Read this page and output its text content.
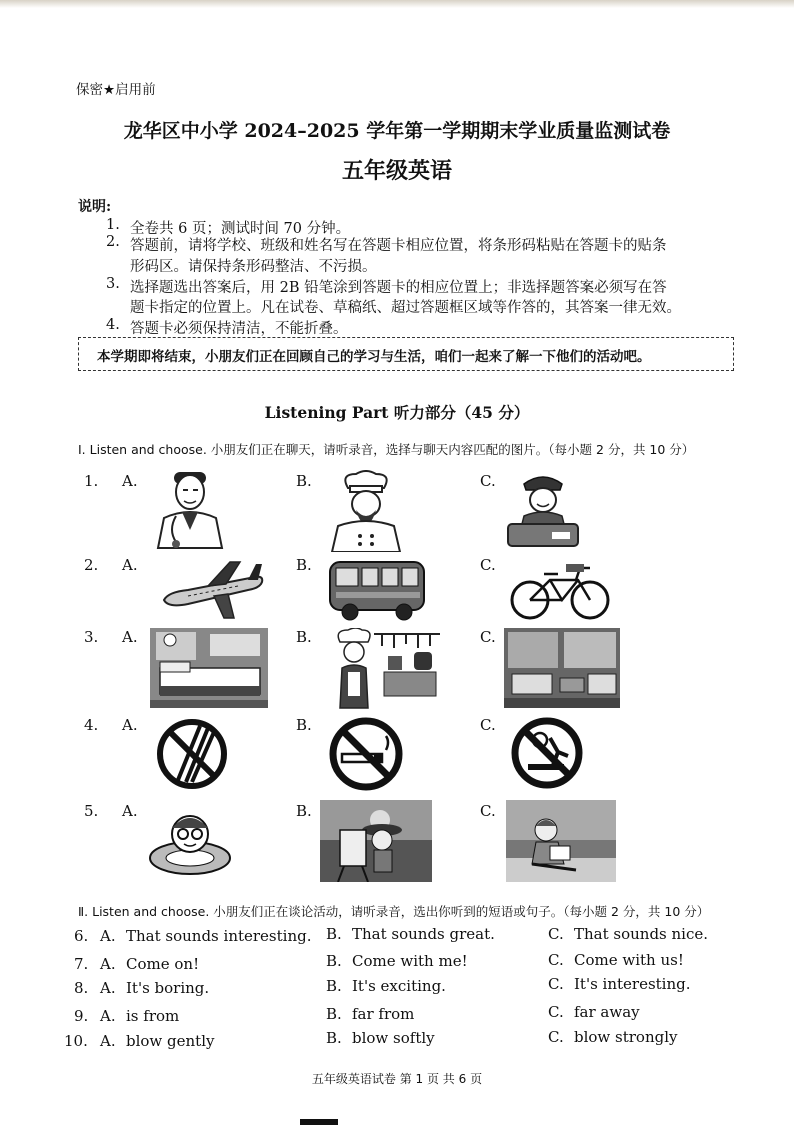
保密★启用前
龙华区中小学 2024–2025 学年第一学期期末学业质量监测试卷
五年级英语
说明:
1. 全卷共 6 页；测试时间 70 分钟。
2. 答题前，请将学校、班级和姓名写在答题卡相应位置，将条形码粘贴在答题卡的贴条
形码区。请保持条形码整洁、不污损。
3. 选择题选出答案后，用 2B 铅笔涂到答题卡的相应位置上；非选择题答案必须写在答
题卡指定的位置上。凡在试卷、草稿纸、超过答题框区域等作答的，其答案一律无效。
4. 答题卡必须保持清洁，不能折叠。
本学期即将结束，小朋友们正在回顾自己的学习与生活，咱们一起来了解一下他们的活动吧。
Listening Part 听力部分（45 分）
Ⅰ. Listen and choose. 小朋友们正在聊天，请听录音，选择与聊天内容匹配的图片。（每小题 2 分，共 10 分）
1. A.	B.	C.
2. A.	B.	C.
3. A.	B.	C.
4. A.	B.	C.
5. A.	B.	C.
Ⅱ. Listen and choose. 小朋友们正在谈论活动，请听录音，选出你听到的短语或句子。（每小题 2 分，共 10 分）
6. A. That sounds interesting. B. That sounds great.	C. That sounds nice.
7. A. Come on!	B. Come with me!	C. Come with us!
8. A. It's boring.	B. It's exciting.	C. It's interesting.
9. A. is from	B. far from	C. far away
10. A. blow gently	B. blow softly	C. blow strongly
五年级英语试卷 第 1 页 共 6 页
